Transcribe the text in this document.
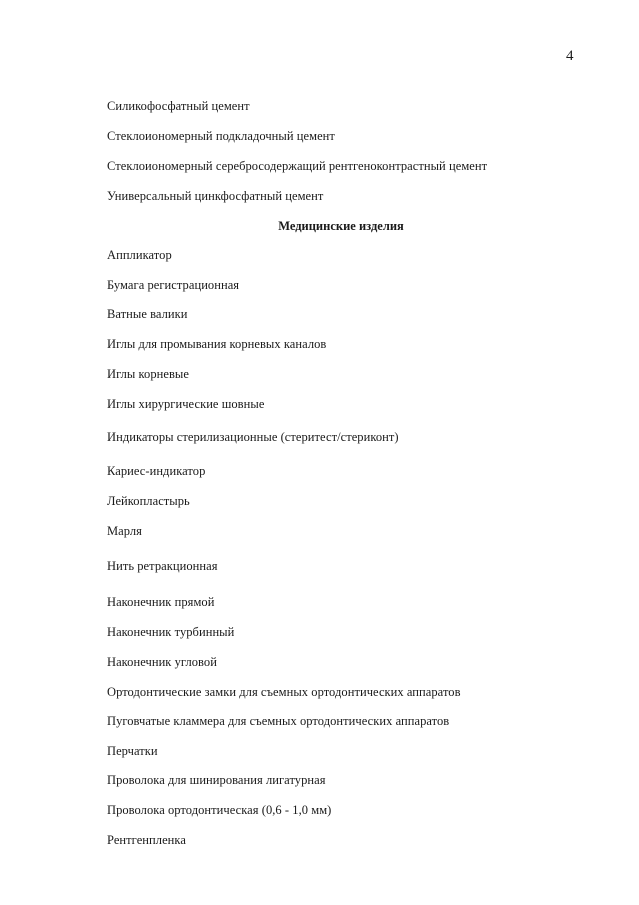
4
Силикофосфатный цемент
Стеклоиономерный подкладочный цемент
Стеклоиономерный серебросодержащий рентгеноконтрастный цемент
Универсальный цинкфосфатный цемент
Медицинские изделия
Аппликатор
Бумага регистрационная
Ватные валики
Иглы для промывания корневых каналов
Иглы корневые
Иглы хирургические шовные
Индикаторы стерилизационные (стеритест/стериконт)
Кариес-индикатор
Лейкопластырь
Марля
Нить ретракционная
Наконечник прямой
Наконечник турбинный
Наконечник угловой
Ортодонтические замки для съемных ортодонтических аппаратов
Пуговчатые кламмера для съемных ортодонтических аппаратов
Перчатки
Проволока для шинирования лигатурная
Проволока ортодонтическая (0,6 - 1,0 мм)
Рентгенпленка
